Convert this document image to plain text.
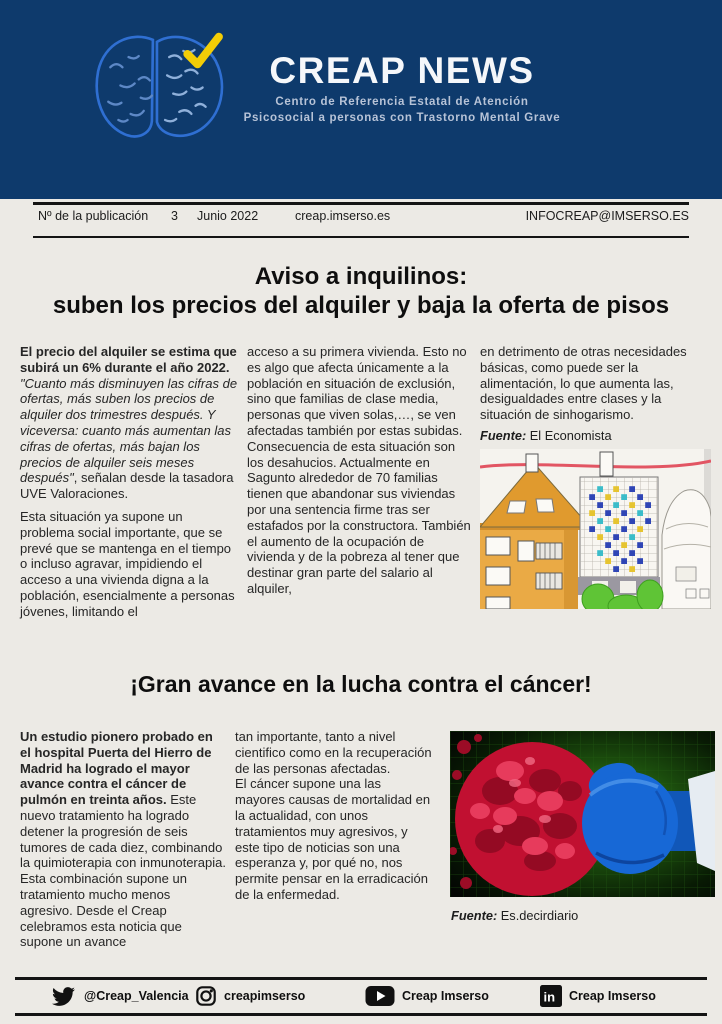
CREAP NEWS
Centro de Referencia Estatal de Atención
Psicosocial a personas con Trastorno Mental Grave
Nº de la publicación 3 Junio 2022	creap.imserso.es	INFOCREAP@IMSERSO.ES
Aviso a inquilinos:
suben los precios del alquiler y baja la oferta de pisos

El precio del alquiler se estima que subirá un 6% durante el año 2022. "Cuanto más disminuyen las cifras de ofertas, más suben los precios de alquiler dos trimestres después. Y viceversa: cuanto más aumentan las cifras de ofertas, más bajan los precios de alquiler seis meses después", señalan desde la tasadora UVE Valoraciones.

Esta situación ya supone un problema social importante, que se prevé que se mantenga en el tiempo o incluso agravar, impidiendo el acceso a una vivienda digna a la población, esencialmente a personas jóvenes, limitando el

acceso a su primera vivienda. Esto no es algo que afecta únicamente a la población en situación de exclusión, sino que familias de clase media, personas que viven solas,…, se ven afectadas también por estas subidas. Consecuencia de esta situación son los desahucios. Actualmente en Sagunto alrededor de 70 familias tienen que abandonar sus viviendas por una sentencia firme tras ser estafados por la constructora. También el aumento de la ocupación de vivienda y de la pobreza al tener que destinar gran parte del salario al alquiler,

en detrimento de otras necesidades básicas, como puede ser la alimentación, lo que aumenta las, desigualdades entre clases y la situación de sinhogarismo.

Fuente: El Economista
¡Gran avance en la lucha contra el cáncer!

Un estudio pionero probado en el hospital Puerta del Hierro de Madrid ha logrado el mayor avance contra el cáncer de pulmón en treinta años. Este nuevo tratamiento ha logrado detener la progresión de seis tumores de cada diez, combinando la quimioterapia con inmunoterapia. Esta combinación supone un tratamiento mucho menos
agresivo. Desde el Creap celebramos esta noticia que supone un avance

tan importante, tanto a nivel cientifico como en la recuperación de las personas afectadas.

El cáncer supone una las mayores causas de mortalidad en la actualidad, con unos tratamientos muy agresivos, y este tipo de noticias son una esperanza y, por qué no, nos permite pensar en la erradicación de la enfermedad.

Fuente: Es.decirdiario
@Creap_Valencia	creapimserso	Creap Imserso	in Creap Imserso
